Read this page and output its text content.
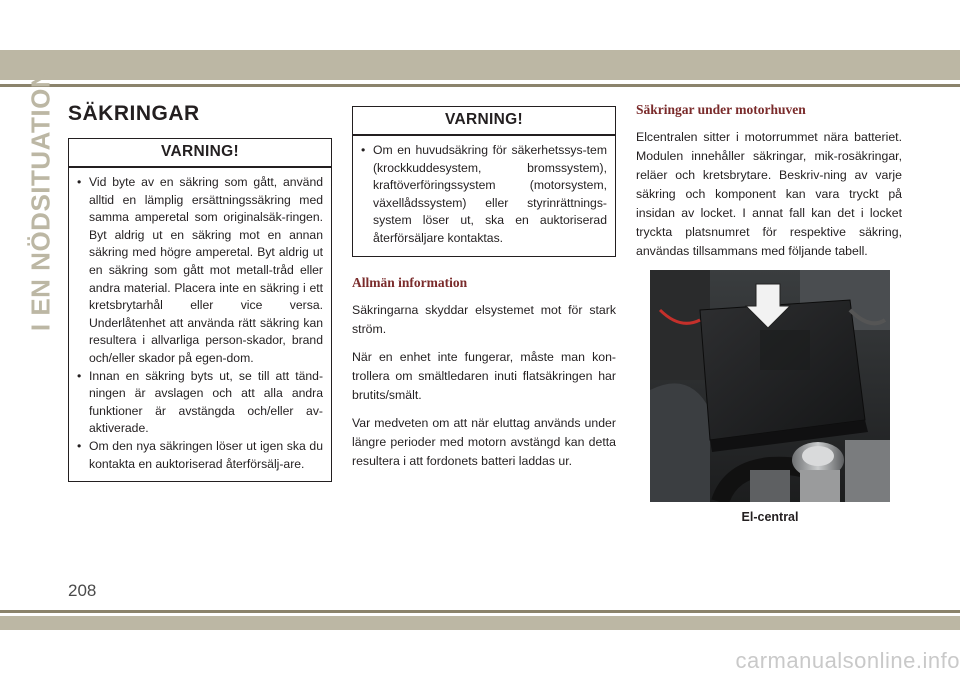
I EN NÖDSITUATION SÄKRINGAR
VARNING!
• Vid byte av en säkring som gått, använd alltid en lämplig ersättningssäkring med samma amperetal som originalsäk-ringen. Byt aldrig ut en säkring mot en annan säkring med högre amperetal. Byt aldrig ut en säkring som gått mot metall-tråd eller andra material. Placera inte en säkring i ett kretsbrytarhål eller vice versa. Underlåtenhet att använda rätt säkring kan resultera i allvarliga person-skador, brand och/eller skador på egen-dom.
• Innan en säkring byts ut, se till att tänd-ningen är avslagen och att alla andra funktioner är avstängda och/eller av-aktiverade.
• Om den nya säkringen löser ut igen ska du kontakta en auktoriserad återförsälj-are.
VARNING!
• Om en huvudsäkring för säkerhetssys-tem (krockkuddesystem, bromssystem), kraftöverföringssystem (motorsystem, växellådssystem) eller styrinrättnings-system löser ut, ska en auktoriserad återförsäljare kontaktas.
Allmän information

Säkringarna skyddar elsystemet mot för stark ström.

När en enhet inte fungerar, måste man kon-trollera om smältledaren inuti flatsäkringen har brutits/smält.

Var medveten om att när eluttag används under längre perioder med motorn avstängd kan detta resultera i att fordonets batteri laddas ur.

Säkringar under motorhuven

Elcentralen sitter i motorrummet nära batteriet. Modulen innehåller säkringar, mik-rosäkringar, reläer och kretsbrytare. Beskriv-ning av varje säkring och komponent kan vara tryckt på insidan av locket. I annat fall kan det i locket tryckta platsnumret för respektive säkring, användas tillsammans med följande tabell.

El-central
208
carmanualsonline.info
